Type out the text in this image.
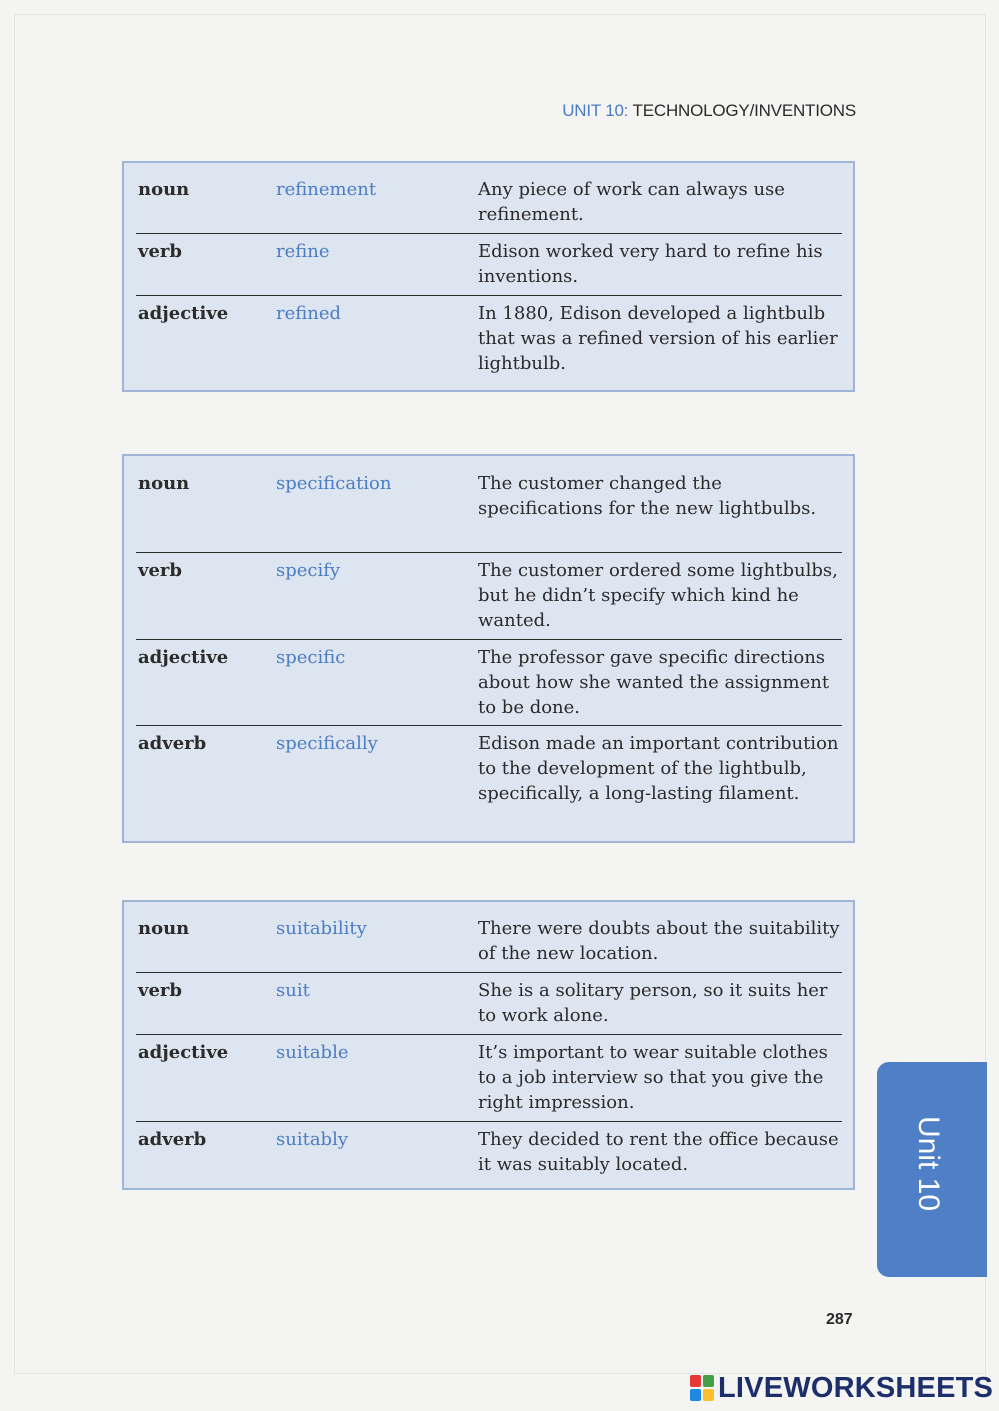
UNIT 10: TECHNOLOGY/INVENTIONS
noun	refinement	Any piece of work can always use refinement.
verb	refine	Edison worked very hard to refine his inventions.
adjective	refined	In 1880, Edison developed a lightbulb that was a refined version of his earlier lightbulb.
noun	specification	The customer changed the specifications for the new lightbulbs.
verb	specify	The customer ordered some lightbulbs, but he didn’t specify which kind he wanted.
adjective	specific	The professor gave specific directions about how she wanted the assignment to be done.
adverb	specifically	Edison made an important contribution to the development of the lightbulb, specifically, a long-lasting filament.
noun	suitability	There were doubts about the suitability of the new location.
verb	suit	She is a solitary person, so it suits her to work alone.
adjective	suitable	It’s important to wear suitable clothes to a job interview so that you give the right impression.
adverb	suitably	They decided to rent the office because it was suitably located.	Unit 10
287
LIVEWORKSHEETS
